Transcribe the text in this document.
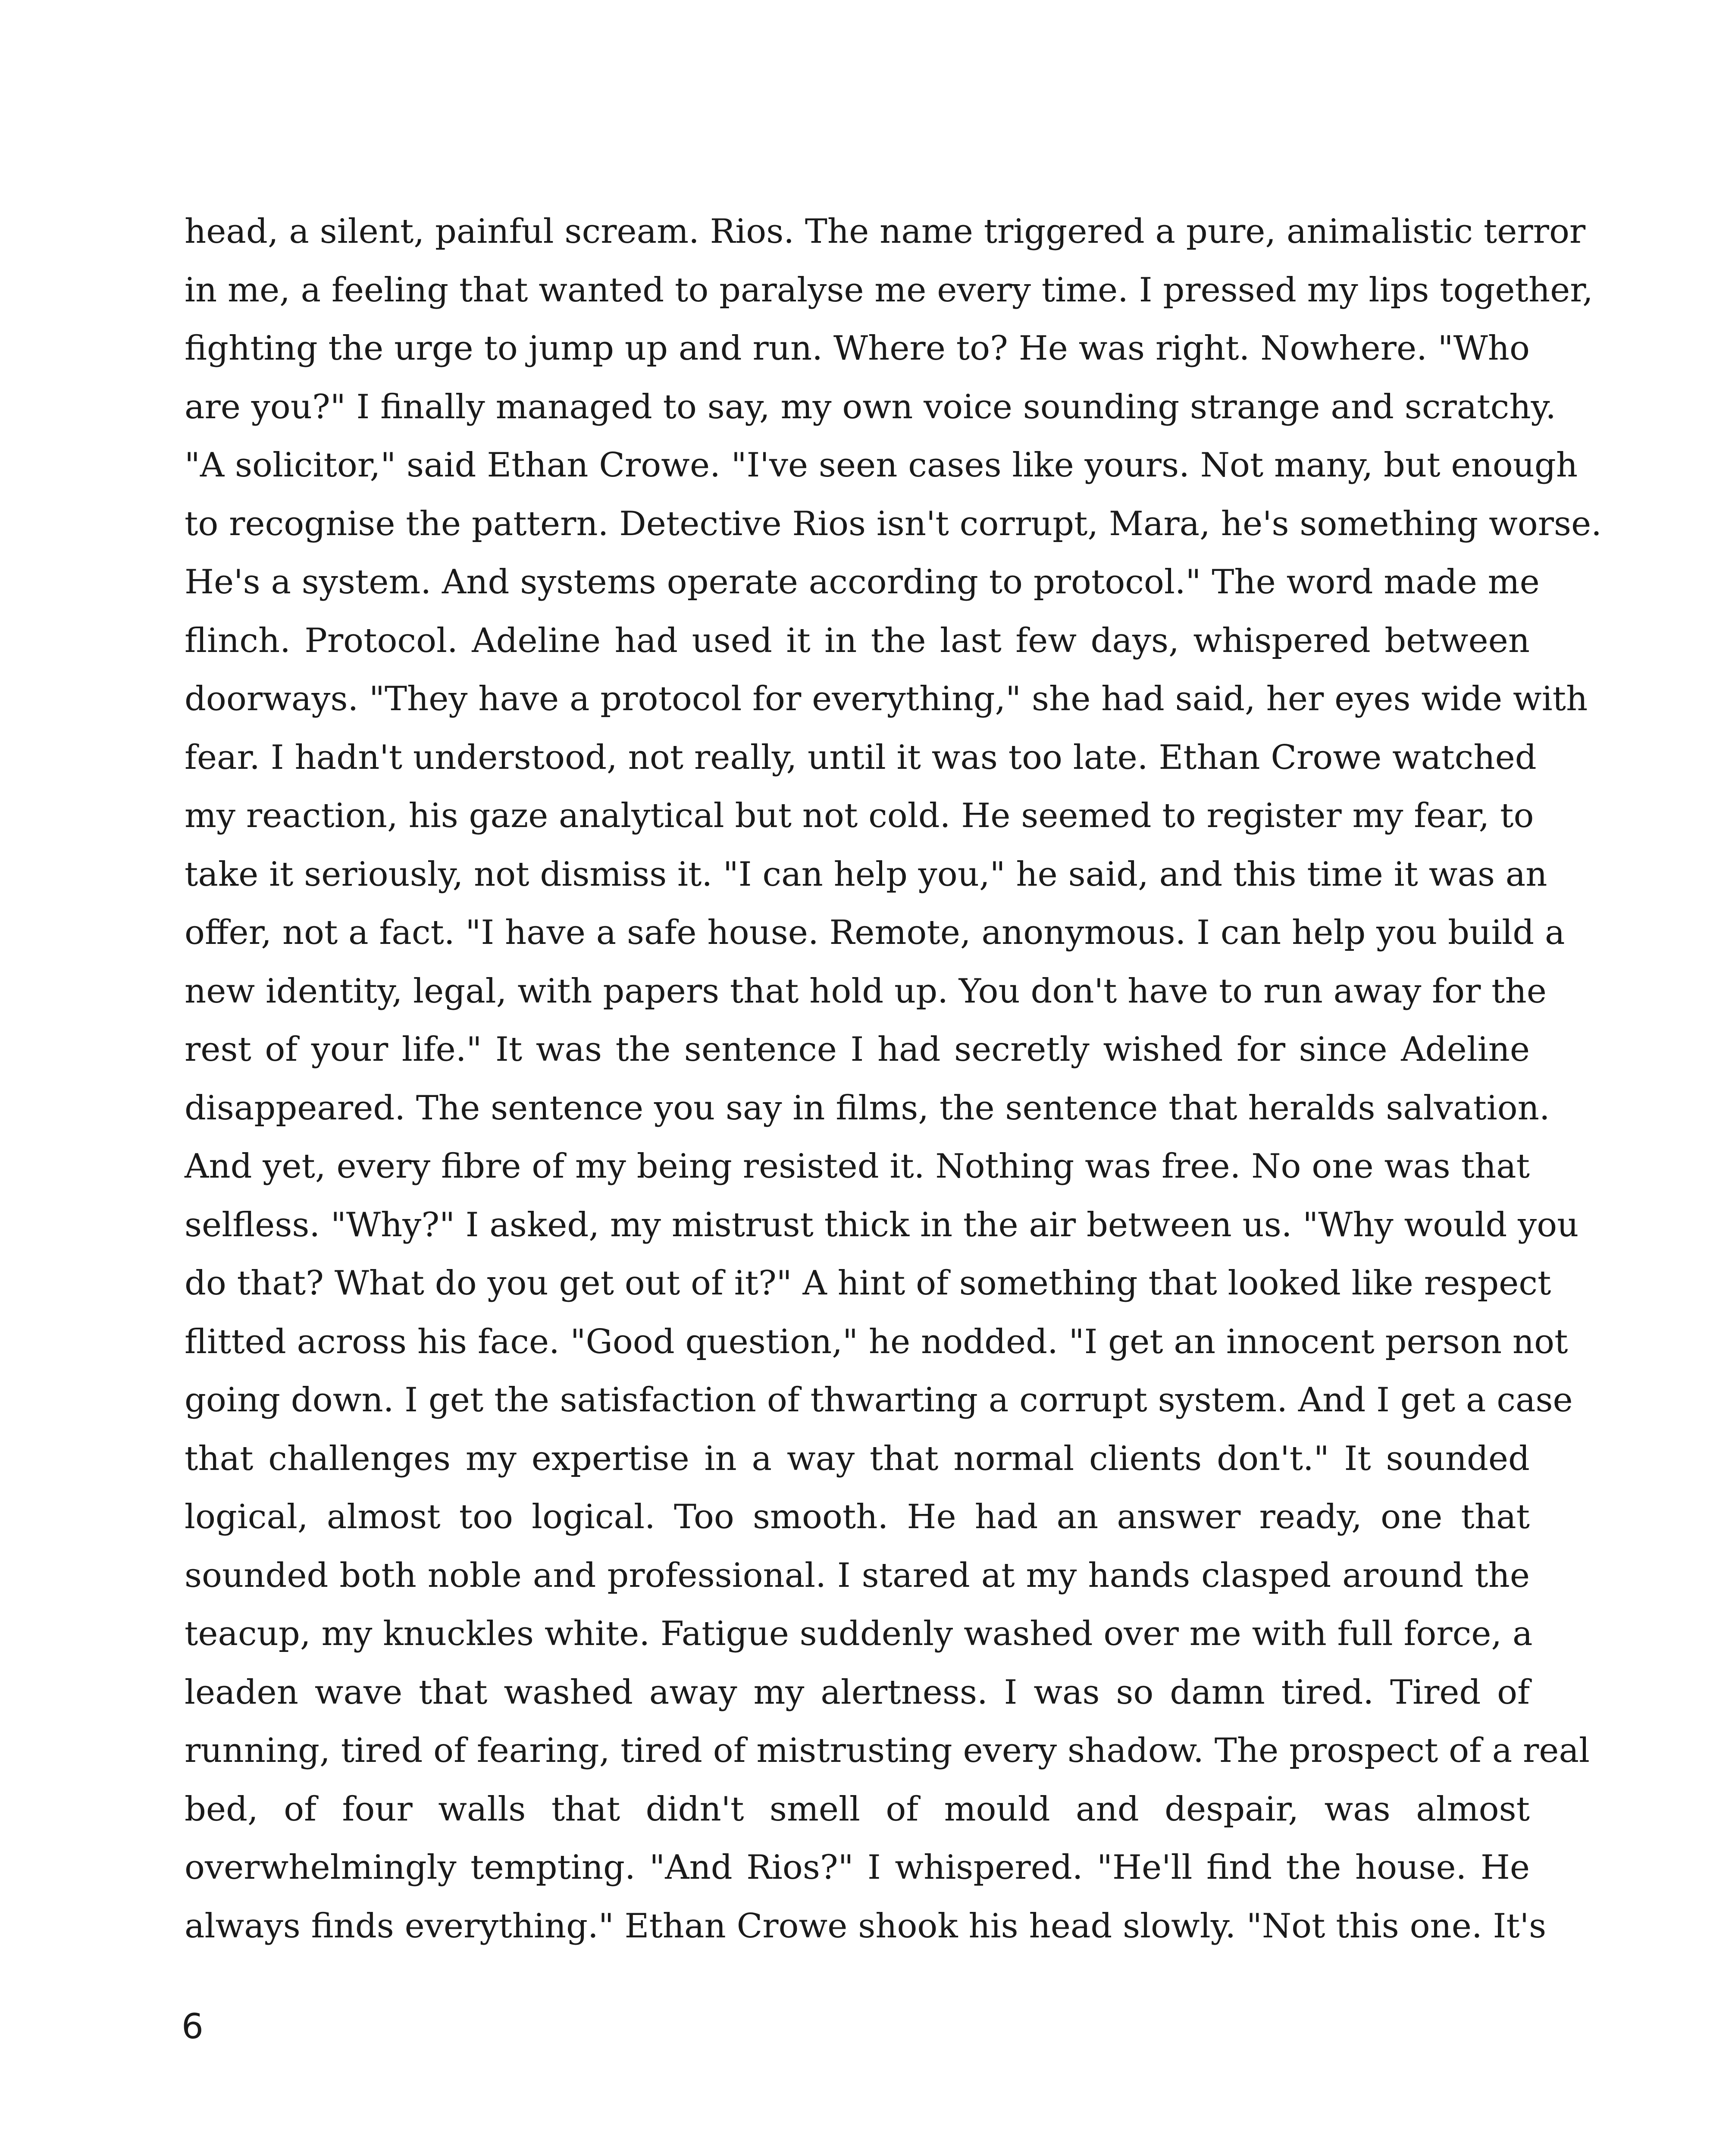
head, a silent, painful scream. Rios. The name triggered a pure, animalistic terror
in me, a feeling that wanted to paralyse me every time. I pressed my lips together,
fighting the urge to jump up and run. Where to? He was right. Nowhere. "Who
are you?" I finally managed to say, my own voice sounding strange and scratchy.
"A solicitor," said Ethan Crowe. "I've seen cases like yours. Not many, but enough
to recognise the pattern. Detective Rios isn't corrupt, Mara, he's something worse.
He's a system. And systems operate according to protocol." The word made me
flinch. Protocol. Adeline had used it in the last few days, whispered between
doorways. "They have a protocol for everything," she had said, her eyes wide with
fear. I hadn't understood, not really, until it was too late. Ethan Crowe watched
my reaction, his gaze analytical but not cold. He seemed to register my fear, to
take it seriously, not dismiss it. "I can help you," he said, and this time it was an
offer, not a fact. "I have a safe house. Remote, anonymous. I can help you build a
new identity, legal, with papers that hold up. You don't have to run away for the
rest of your life." It was the sentence I had secretly wished for since Adeline
disappeared. The sentence you say in films, the sentence that heralds salvation.
And yet, every fibre of my being resisted it. Nothing was free. No one was that
selfless. "Why?" I asked, my mistrust thick in the air between us. "Why would you
do that? What do you get out of it?" A hint of something that looked like respect
flitted across his face. "Good question," he nodded. "I get an innocent person not
going down. I get the satisfaction of thwarting a corrupt system. And I get a case
that challenges my expertise in a way that normal clients don't." It sounded
logical, almost too logical. Too smooth. He had an answer ready, one that
sounded both noble and professional. I stared at my hands clasped around the
teacup, my knuckles white. Fatigue suddenly washed over me with full force, a
leaden wave that washed away my alertness. I was so damn tired. Tired of
running, tired of fearing, tired of mistrusting every shadow. The prospect of a real
bed, of four walls that didn't smell of mould and despair, was almost
overwhelmingly tempting. "And Rios?" I whispered. "He'll find the house. He
always finds everything." Ethan Crowe shook his head slowly. "Not this one. It's
6
